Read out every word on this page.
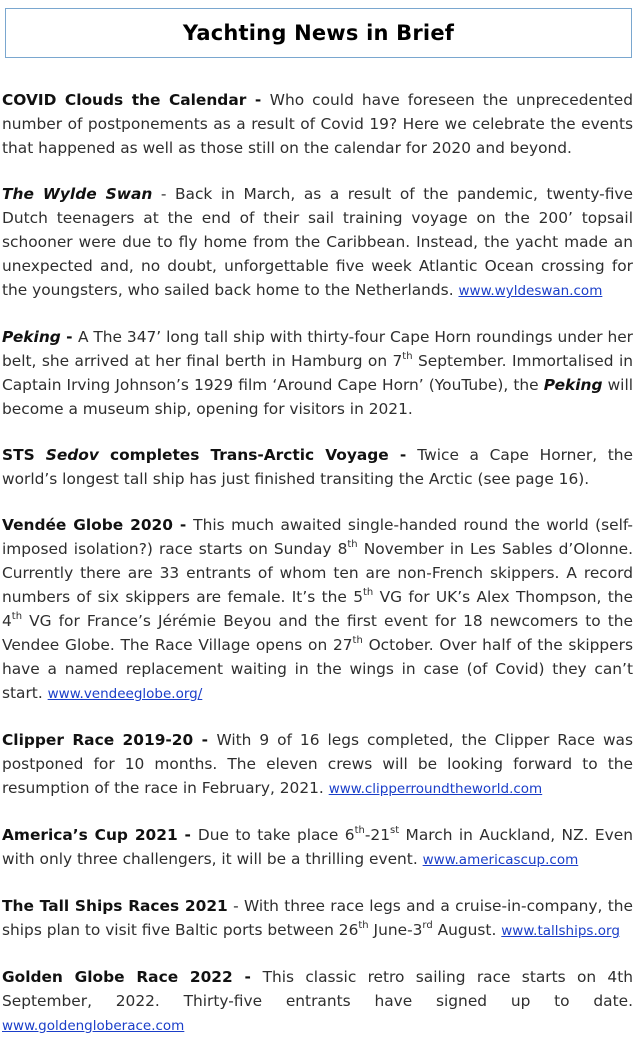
Yachting News in Brief

COVID Clouds the Calendar - Who could have foreseen the unprecedented number of postponements as a result of Covid 19? Here we celebrate the events that happened as well as those still on the calendar for 2020 and beyond.

The Wylde Swan - Back in March, as a result of the pandemic, twenty-five Dutch teenagers at the end of their sail training voyage on the 200’ topsail schooner were due to fly home from the Caribbean. Instead, the yacht made an unexpected and, no doubt, unforgettable five week Atlantic Ocean crossing for the youngsters, who sailed back home to the Netherlands. www.wyldeswan.com

Peking - A The 347’ long tall ship with thirty-four Cape Horn roundings under her belt, she arrived at her final berth in Hamburg on 7th September. Immortalised in Captain Irving Johnson’s 1929 film ‘Around Cape Horn’ (YouTube), the Peking will become a museum ship, opening for visitors in 2021.

STS Sedov completes Trans-Arctic Voyage - Twice a Cape Horner, the world’s longest tall ship has just finished transiting the Arctic (see page 16).

Vendée Globe 2020 - This much awaited single-handed round the world (self-imposed isolation?) race starts on Sunday 8th November in Les Sables d’Olonne. Currently there are 33 entrants of whom ten are non-French skippers. A record numbers of six skippers are female. It’s the 5th VG for UK’s Alex Thompson, the 4th VG for France’s Jérémie Beyou and the first event for 18 newcomers to the Vendee Globe. The Race Village opens on 27th October. Over half of the skippers have a named replacement waiting in the wings in case (of Covid) they can’t start. www.vendeeglobe.org/

Clipper Race 2019-20 - With 9 of 16 legs completed, the Clipper Race was postponed for 10 months. The eleven crews will be looking forward to the resumption of the race in February, 2021. www.clipperroundtheworld.com

America’s Cup 2021 - Due to take place 6th-21st March in Auckland, NZ. Even with only three challengers, it will be a thrilling event. www.americascup.com

The Tall Ships Races 2021 - With three race legs and a cruise-in-company, the ships plan to visit five Baltic ports between 26th June-3rd August. www.tallships.org

Golden Globe Race 2022 - This classic retro sailing race starts on 4th September, 2022. Thirty-five entrants have signed up to date. www.goldengloberace.com
